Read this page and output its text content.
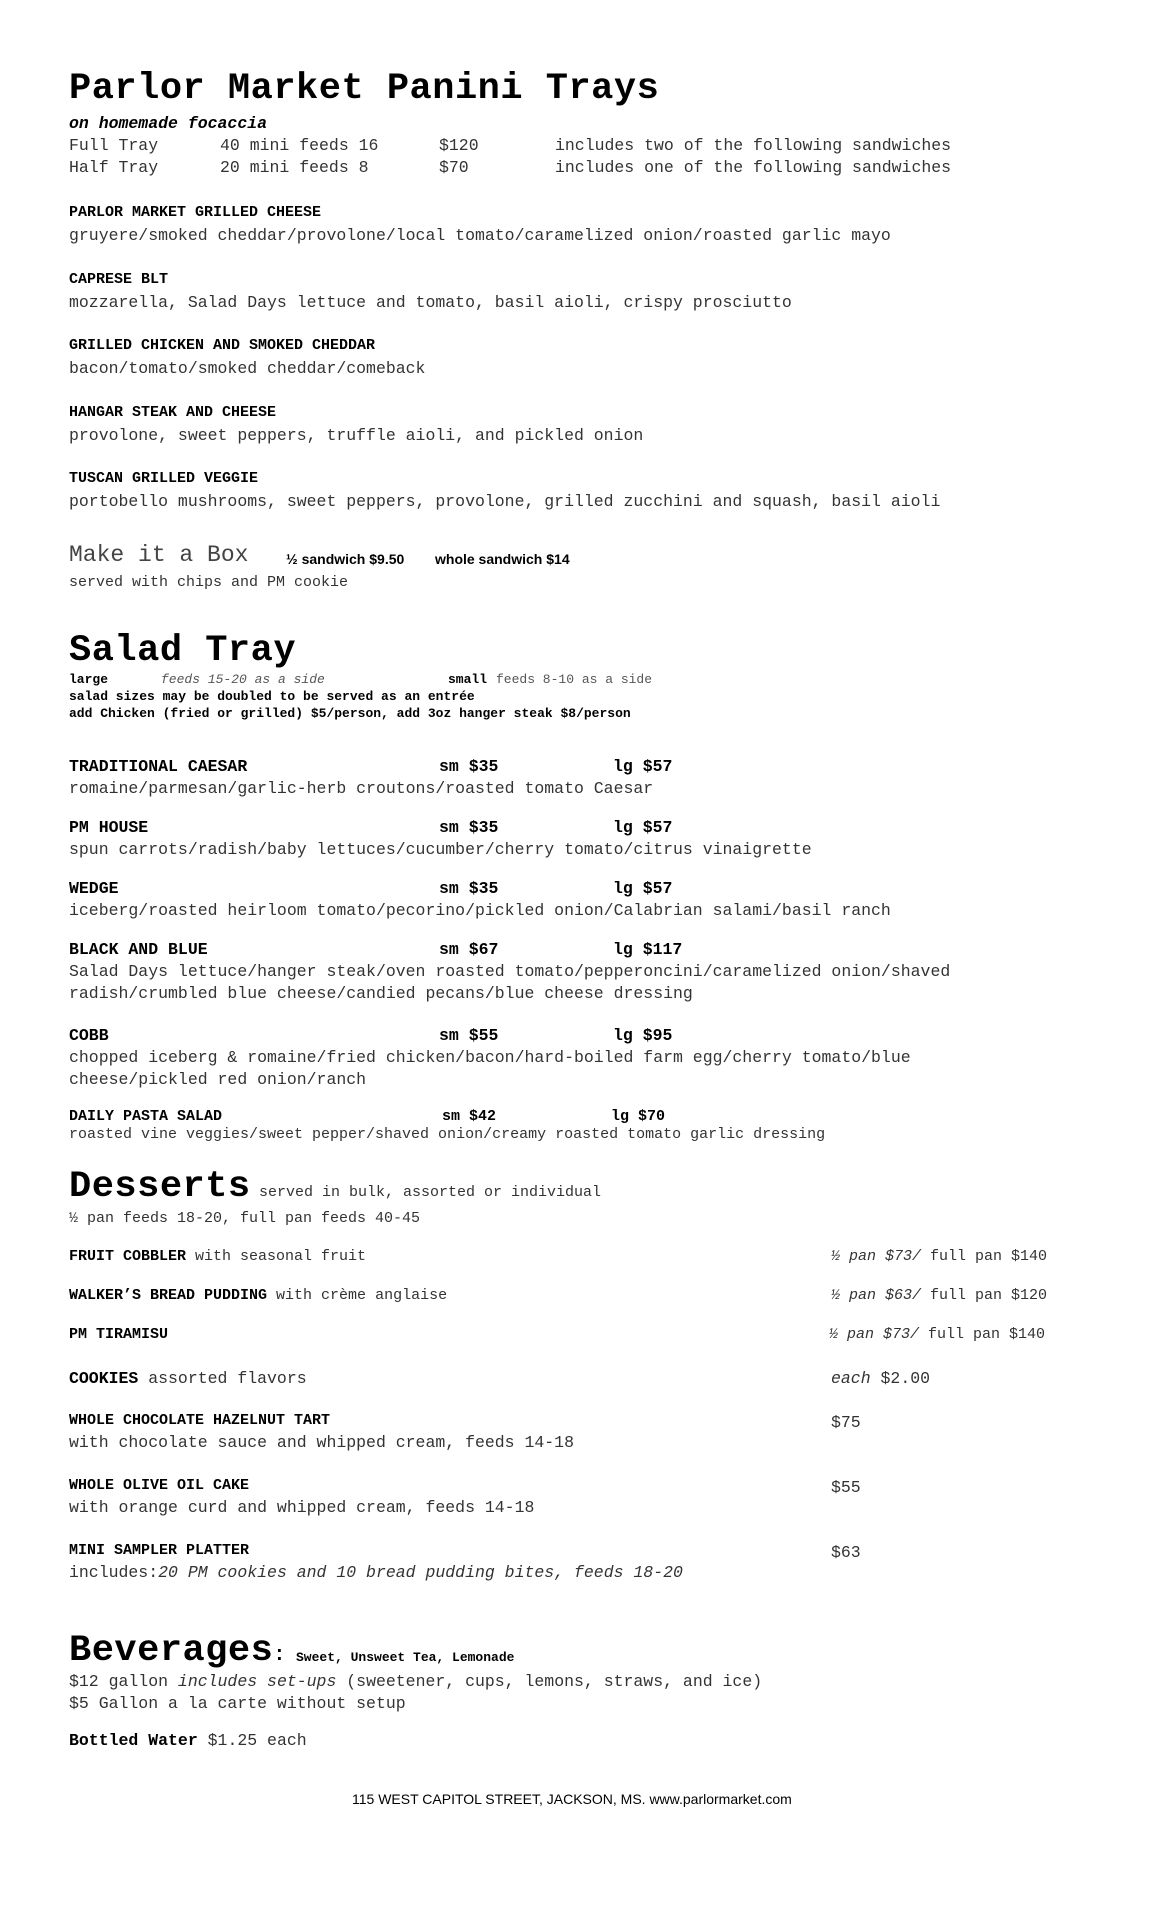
Parlor Market Panini Trays
on homemade focaccia
Full Tray	40 mini feeds 16	$120	includes two of the following sandwiches
Half Tray	20 mini feeds 8	$70	includes one of the following sandwiches
PARLOR MARKET GRILLED CHEESE
gruyere/smoked cheddar/provolone/local tomato/caramelized onion/roasted garlic mayo
CAPRESE BLT
mozzarella, Salad Days lettuce and tomato, basil aioli, crispy prosciutto
GRILLED CHICKEN AND SMOKED CHEDDAR
bacon/tomato/smoked cheddar/comeback
HANGAR STEAK AND CHEESE
provolone, sweet peppers, truffle aioli, and pickled onion
TUSCAN GRILLED VEGGIE
portobello mushrooms, sweet peppers, provolone, grilled zucchini and squash, basil aioli
Make it a Box	½ sandwich $9.50 whole sandwich $14
served with chips and PM cookie
Salad Tray
large	feeds 15-20 as a side	small feeds 8-10 as a side
salad sizes may be doubled to be served as an entrée
add Chicken (fried or grilled) $5/person, add 3oz hanger steak $8/person
TRADITIONAL CAESAR	sm $35	lg $57
romaine/parmesan/garlic-herb croutons/roasted tomato Caesar
PM HOUSE	sm $35	lg $57
spun carrots/radish/baby lettuces/cucumber/cherry tomato/citrus vinaigrette
WEDGE	sm $35	lg $57
iceberg/roasted heirloom tomato/pecorino/pickled onion/Calabrian salami/basil ranch
BLACK AND BLUE	sm $67	lg $117
Salad Days lettuce/hanger steak/oven roasted tomato/pepperoncini/caramelized onion/shaved
radish/crumbled blue cheese/candied pecans/blue cheese dressing
COBB	sm $55	lg $95
chopped iceberg & romaine/fried chicken/bacon/hard-boiled farm egg/cherry tomato/blue
cheese/pickled red onion/ranch
DAILY PASTA SALAD	sm $42	lg $70
roasted vine veggies/sweet pepper/shaved onion/creamy roasted tomato garlic dressing
Desserts served in bulk, assorted or individual
½ pan feeds 18-20, full pan feeds 40-45
FRUIT COBBLER with seasonal fruit	½ pan $73/ full pan $140
WALKER’S BREAD PUDDING with crème anglaise	½ pan $63/ full pan $120
PM TIRAMISU	½ pan $73/ full pan $140
COOKIES assorted flavors	each $2.00
WHOLE CHOCOLATE HAZELNUT TART
with chocolate sauce and whipped cream, feeds 14-18
$75
WHOLE OLIVE OIL CAKE
with orange curd and whipped cream, feeds 14-18
$55
MINI SAMPLER PLATTER
includes:20 PM cookies and 10 bread pudding bites, feeds 18-20
$63
Beverages: Sweet, Unsweet Tea, Lemonade
$12 gallon includes set-ups (sweetener, cups, lemons, straws, and ice)
$5 Gallon a la carte without setup
Bottled Water $1.25 each
115 WEST CAPITOL STREET, JACKSON, MS. www.parlormarket.com
